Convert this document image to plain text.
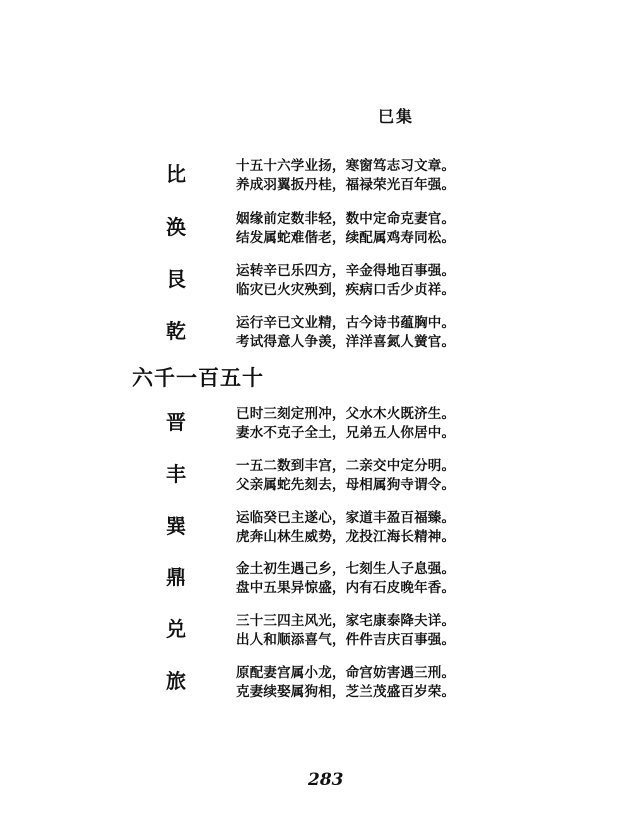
巳集
比	十五十六学业扬，寒窗笃志习文章。
养成羽翼扳丹桂，福禄荣光百年强。
涣	姻缘前定数非轻，数中定命克妻官。
结发属蛇难偕老，续配属鸡寿同松。
艮	运转辛已乐四方，辛金得地百事强。
临灾已火灾殃到，疾病口舌少贞祥。
乾	运行辛已文业精，古今诗书蕴胸中。
考试得意人争羡，洋洋喜氮人黉官。
六千一百五十
晋	已时三刻定刑冲，父水木火既济生。
妻水不克子全土，兄弟五人你居中。
丰	一五二数到丰宫，二亲交中定分明。
父亲属蛇先刻去，母相属狗寺谓令。
巽	运临癸已主遂心，家道丰盈百福臻。
虎奔山林生威势，龙投江海长精神。
鼎	金土初生遇己乡，七刻生人子息强。
盘中五果异惊盛，内有石皮晚年香。
兑	三十三四主风光，家宅康泰降夫详。
出人和顺添喜气，件件吉庆百事强。
旅	原配妻宫属小龙，命宫妨害遇三刑。
克妻续娶属狗相，芝兰茂盛百岁荣。
283
